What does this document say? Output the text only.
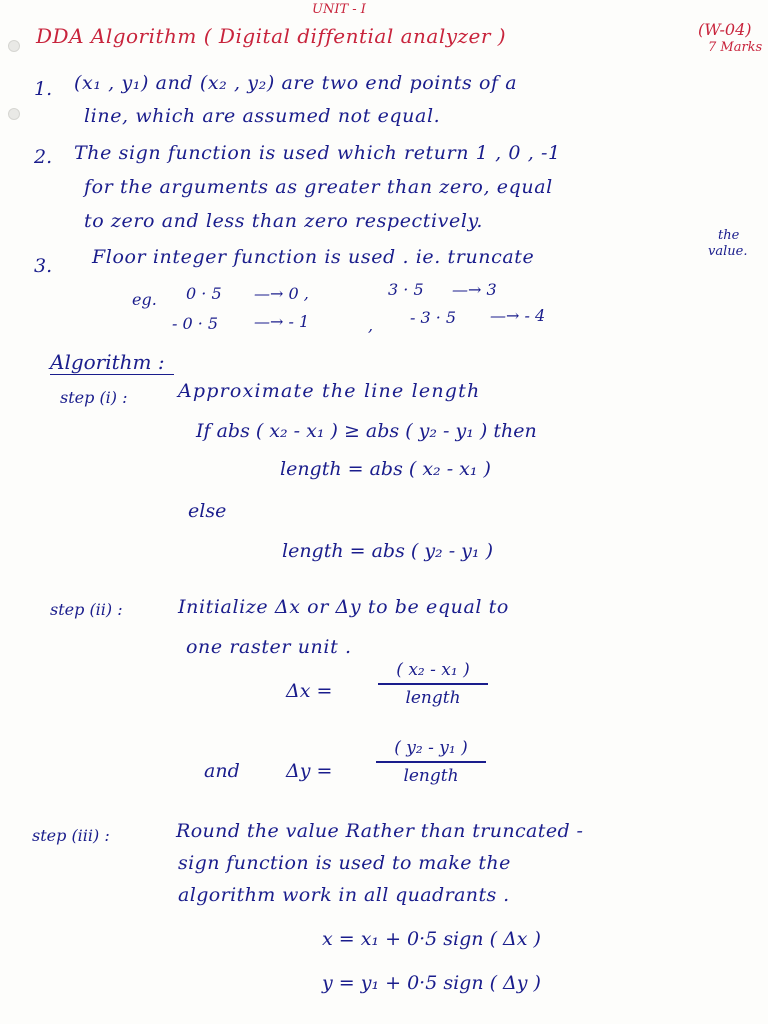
UNIT - I
DDA Algorithm ( Digital diffential analyzer )	(W-04)
7 Marks
1. (x₁ , y₁) and (x₂ , y₂) are two end points of a
line, which are assumed not equal.
2. The sign function is used which return 1 , 0 , -1
for the arguments as greater than zero, equal
to zero and less than zero respectively.
3. Floor integer function is used . ie. truncate
the
value.
eg. 0 · 5 —→ 0 ,	3 · 5 —→ 3
- 0 · 5 —→ - 1	, - 3 · 5 —→ - 4
Algorithm :
step (i) :	Approximate the line length
If abs ( x₂ - x₁ ) ≥ abs ( y₂ - y₁ ) then
length = abs ( x₂ - x₁ )
else
length = abs ( y₂ - y₁ )
step (ii) :	Initialize Δx or Δy to be equal to
one raster unit .
Δx =
( x₂ - x₁ )
length
and Δy =
( y₂ - y₁ )
length
step (iii) :	Round the value Rather than truncated -
sign function is used to make the
algorithm work in all quadrants .
x = x₁ + 0·5 sign ( Δx )
y = y₁ + 0·5 sign ( Δy )
